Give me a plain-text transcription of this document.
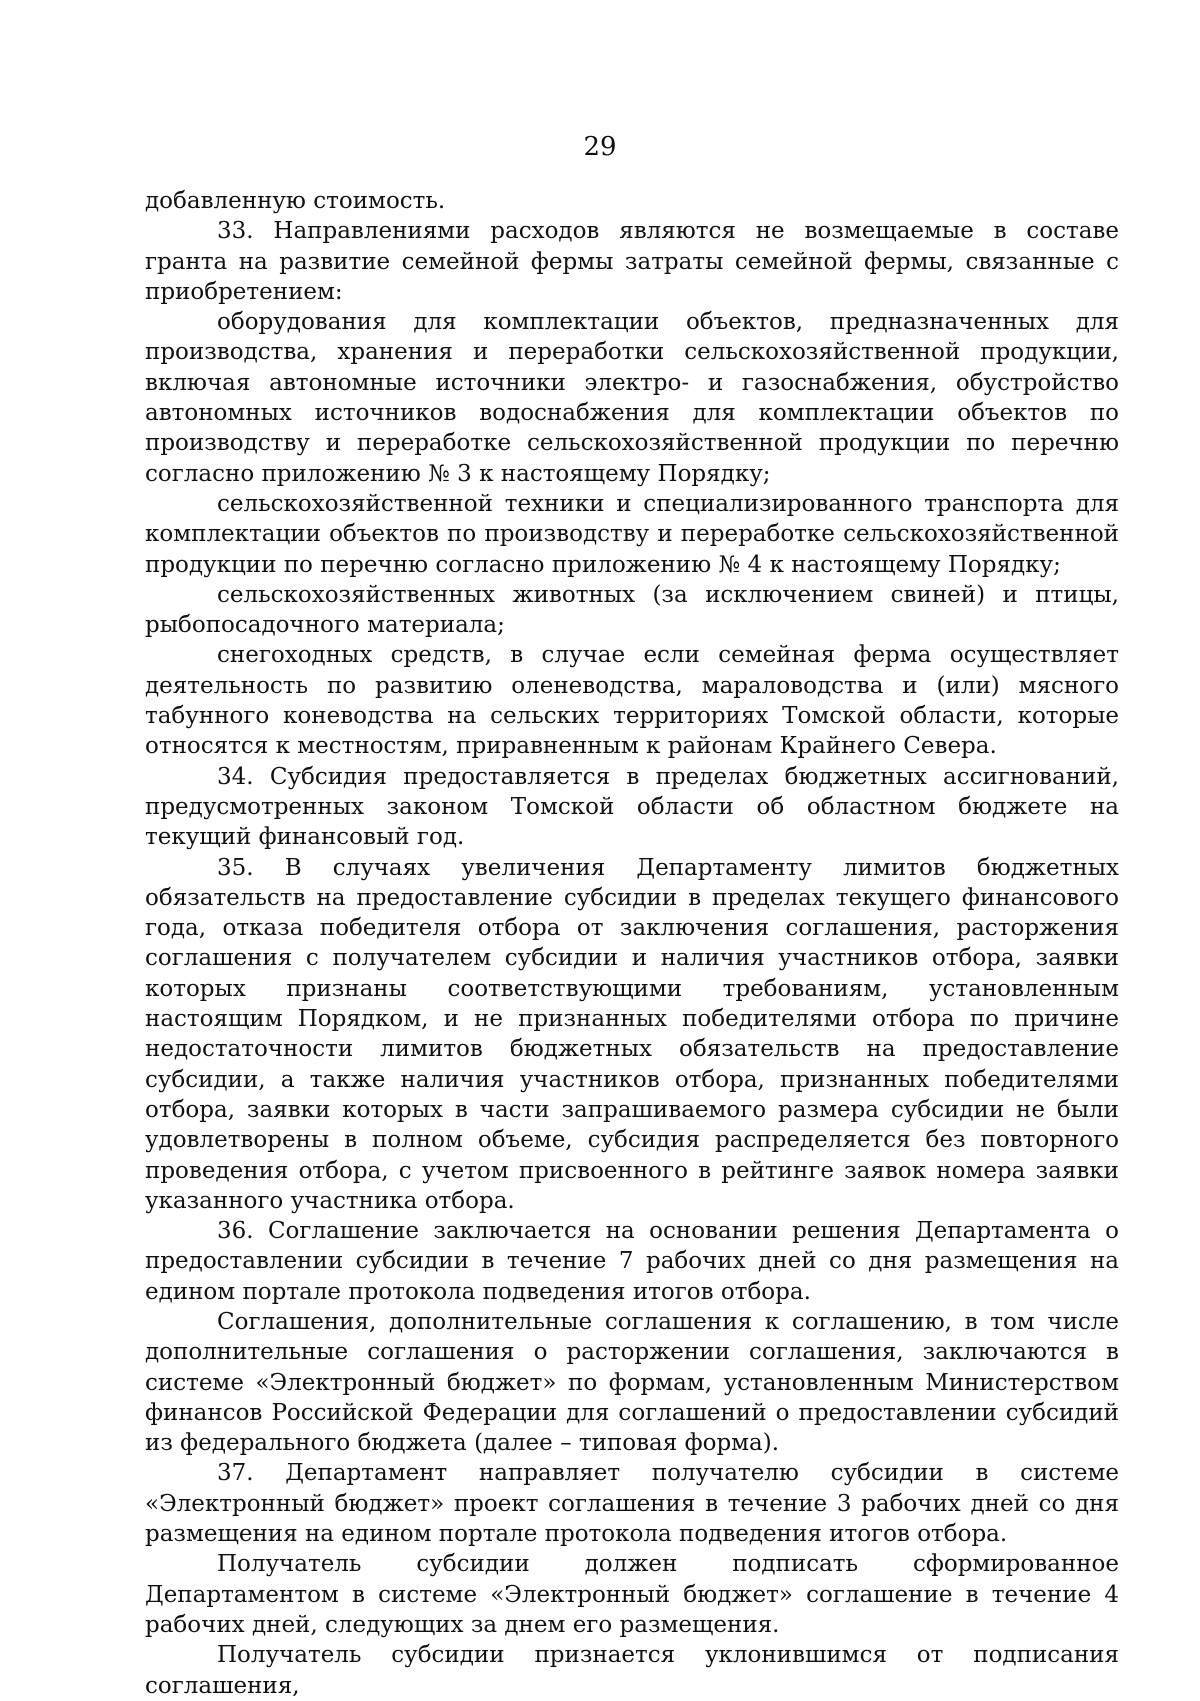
29

добавленную стоимость.

33. Направлениями расходов являются не возмещаемые в составе гранта на развитие семейной фермы затраты семейной фермы, связанные с приобретением:

оборудования для комплектации объектов, предназначенных для производства, хранения и переработки сельскохозяйственной продукции, включая автономные источники электро- и газоснабжения, обустройство автономных источников водоснабжения для комплектации объектов по производству и переработке сельскохозяйственной продукции по перечню согласно приложению № 3 к настоящему Порядку;

сельскохозяйственной техники и специализированного транспорта для комплектации объектов по производству и переработке сельскохозяйственной продукции по перечню согласно приложению № 4 к настоящему Порядку;

сельскохозяйственных животных (за исключением свиней) и птицы, рыбопосадочного материала;

снегоходных средств, в случае если семейная ферма осуществляет деятельность по развитию оленеводства, мараловодства и (или) мясного табунного коневодства на сельских территориях Томской области, которые относятся к местностям, приравненным к районам Крайнего Севера.

34. Субсидия предоставляется в пределах бюджетных ассигнований, предусмотренных законом Томской области об областном бюджете на текущий финансовый год.

35. В случаях увеличения Департаменту лимитов бюджетных обязательств на предоставление субсидии в пределах текущего финансового года, отказа победителя отбора от заключения соглашения, расторжения соглашения с получателем субсидии и наличия участников отбора, заявки которых признаны соответствующими требованиям, установленным настоящим Порядком, и не признанных победителями отбора по причине недостаточности лимитов бюджетных обязательств на предоставление субсидии, а также наличия участников отбора, признанных победителями отбора, заявки которых в части запрашиваемого размера субсидии не были удовлетворены в полном объеме, субсидия распределяется без повторного проведения отбора, с учетом присвоенного в рейтинге заявок номера заявки указанного участника отбора.

36. Соглашение заключается на основании решения Департамента о предоставлении субсидии в течение 7 рабочих дней со дня размещения на едином портале протокола подведения итогов отбора.

Соглашения, дополнительные соглашения к соглашению, в том числе дополнительные соглашения о расторжении соглашения, заключаются в системе «Электронный бюджет» по формам, установленным Министерством финансов Российской Федерации для соглашений о предоставлении субсидий из федерального бюджета (далее – типовая форма).

37. Департамент направляет получателю субсидии в системе «Электронный бюджет» проект соглашения в течение 3 рабочих дней со дня размещения на едином портале протокола подведения итогов отбора.

Получатель субсидии должен подписать сформированное Департаментом в системе «Электронный бюджет» соглашение в течение 4 рабочих дней, следующих за днем его размещения.

Получатель субсидии признается уклонившимся от подписания соглашения,
